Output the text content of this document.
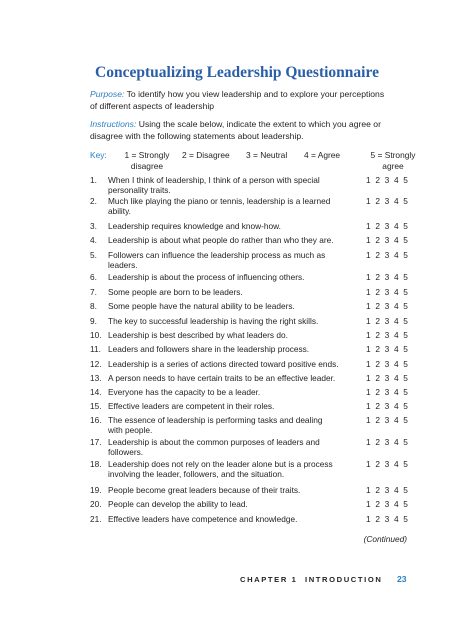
Conceptualizing Leadership Questionnaire
Purpose: To identify how you view leadership and to explore your perceptions
of different aspects of leadership
Instructions: Using the scale below, indicate the extent to which you agree or
disagree with the following statements about leadership.
Key:	1 = Strongly
disagree
2 = Disagree 3 = Neutral 4 = Agree	5 = Strongly
agree
1.	When I think of leadership, I think of a person with special
personality traits.
1 2 3 4 5
2.	Much like playing the piano or tennis, leadership is a learned
ability.
1 2 3 4 5
3.	Leadership requires knowledge and know-how.	1 2 3 4 5
4.	Leadership is about what people do rather than who they are.	1 2 3 4 5
5.	Followers can influence the leadership process as much as
leaders.
1 2 3 4 5
6.	Leadership is about the process of influencing others.	1 2 3 4 5
7.	Some people are born to be leaders.	1 2 3 4 5
8.	Some people have the natural ability to be leaders.	1 2 3 4 5
9.	The key to successful leadership is having the right skills.	1 2 3 4 5
10. Leadership is best described by what leaders do.	1 2 3 4 5
11. Leaders and followers share in the leadership process.	1 2 3 4 5
12. Leadership is a series of actions directed toward positive ends.	1 2 3 4 5
13. A person needs to have certain traits to be an effective leader.	1 2 3 4 5
14. Everyone has the capacity to be a leader.	1 2 3 4 5
15. Effective leaders are competent in their roles.	1 2 3 4 5
16. The essence of leadership is performing tasks and dealing
with people.
1 2 3 4 5
17. Leadership is about the common purposes of leaders and
followers.
1 2 3 4 5
18. Leadership does not rely on the leader alone but is a process
involving the leader, followers, and the situation.
1 2 3 4 5
19. People become great leaders because of their traits.	1 2 3 4 5
20. People can develop the ability to lead.	1 2 3 4 5
21. Effective leaders have competence and knowledge.	1 2 3 4 5
(Continued)
CHAPTER 1 INTRODUCTION 23
